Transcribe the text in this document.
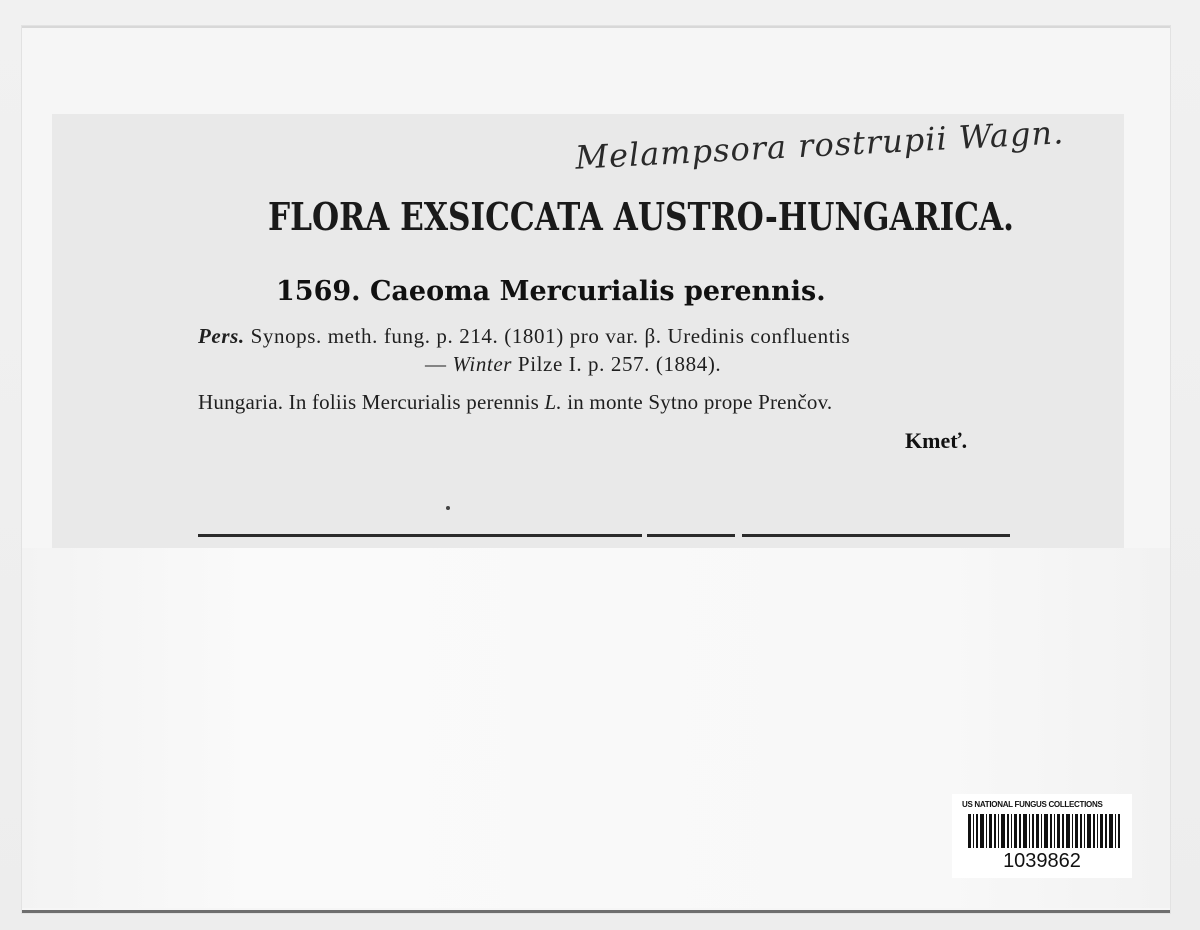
Melampsora rostrupii Wagn.
FLORA EXSICCATA AUSTRO-HUNGARICA.
1569. Caeoma Mercurialis perennis.
Pers. Synops. meth. fung. p. 214. (1801) pro var. β. Uredinis confluentis
— Winter Pilze I. p. 257. (1884).
Hungaria. In foliis Mercurialis perennis L. in monte Sytno prope Prenčov.
Kmeť.
US NATIONAL FUNGUS COLLECTIONS
1039862
